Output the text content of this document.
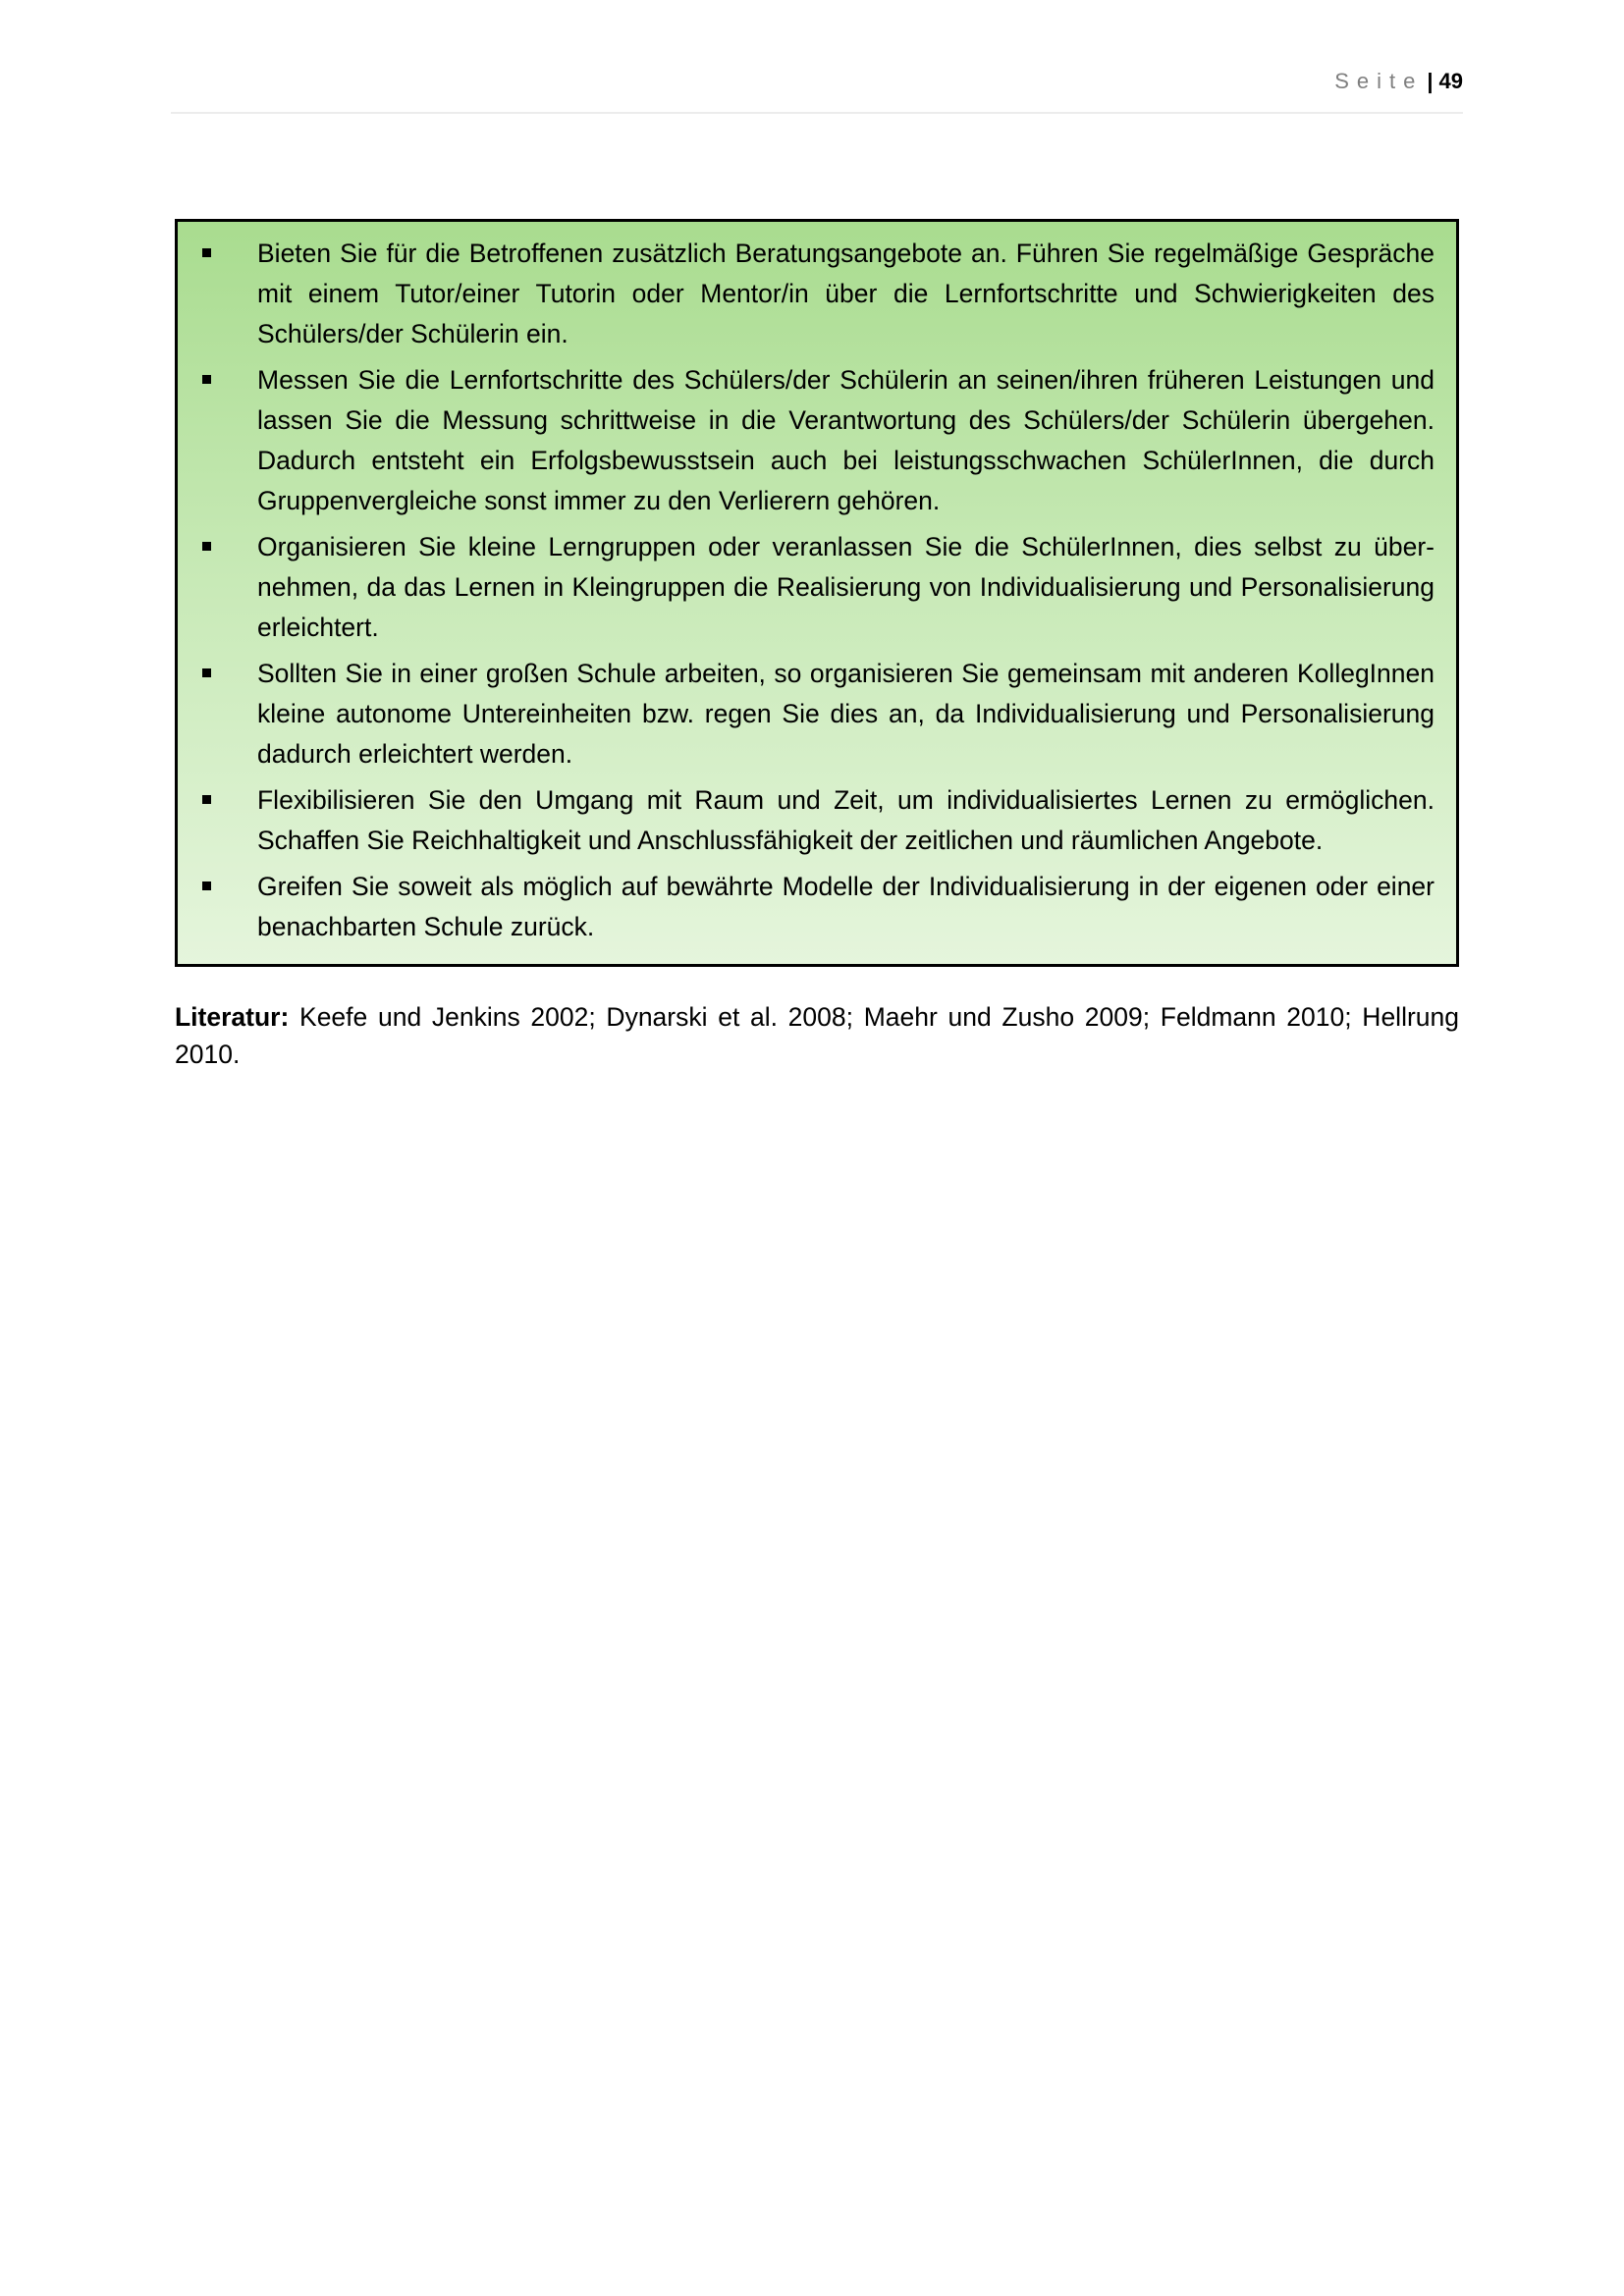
Seite | 49
Bieten Sie für die Betroffenen zusätzlich Beratungsangebote an. Führen Sie regelmäßige Gespräche mit einem Tutor/einer Tutorin oder Mentor/in über die Lernfortschritte und Schwierigkeiten des Schülers/der Schülerin ein.
Messen Sie die Lernfortschritte des Schülers/der Schülerin an seinen/ihren früheren Leistungen und lassen Sie die Messung schrittweise in die Verantwortung des Schülers/der Schülerin übergehen. Dadurch entsteht ein Erfolgsbewusstsein auch bei leistungsschwachen SchülerInnen, die durch Gruppenvergleiche sonst immer zu den Verlierern gehören.
Organisieren Sie kleine Lerngruppen oder veranlassen Sie die SchülerInnen, dies selbst zu übernehmen, da das Lernen in Kleingruppen die Realisierung von Individualisierung und Personalisierung erleichtert.
Sollten Sie in einer großen Schule arbeiten, so organisieren Sie gemeinsam mit anderen KollegInnen kleine autonome Untereinheiten bzw. regen Sie dies an, da Individualisierung und Personalisierung dadurch erleichtert werden.
Flexibilisieren Sie den Umgang mit Raum und Zeit, um individualisiertes Lernen zu ermöglichen. Schaffen Sie Reichhaltigkeit und Anschlussfähigkeit der zeitlichen und räumlichen Angebote.
Greifen Sie soweit als möglich auf bewährte Modelle der Individualisierung in der eigenen oder einer benachbarten Schule zurück.

Literatur: Keefe und Jenkins 2002; Dynarski et al. 2008; Maehr und Zusho 2009; Feldmann 2010; Hellrung 2010.
